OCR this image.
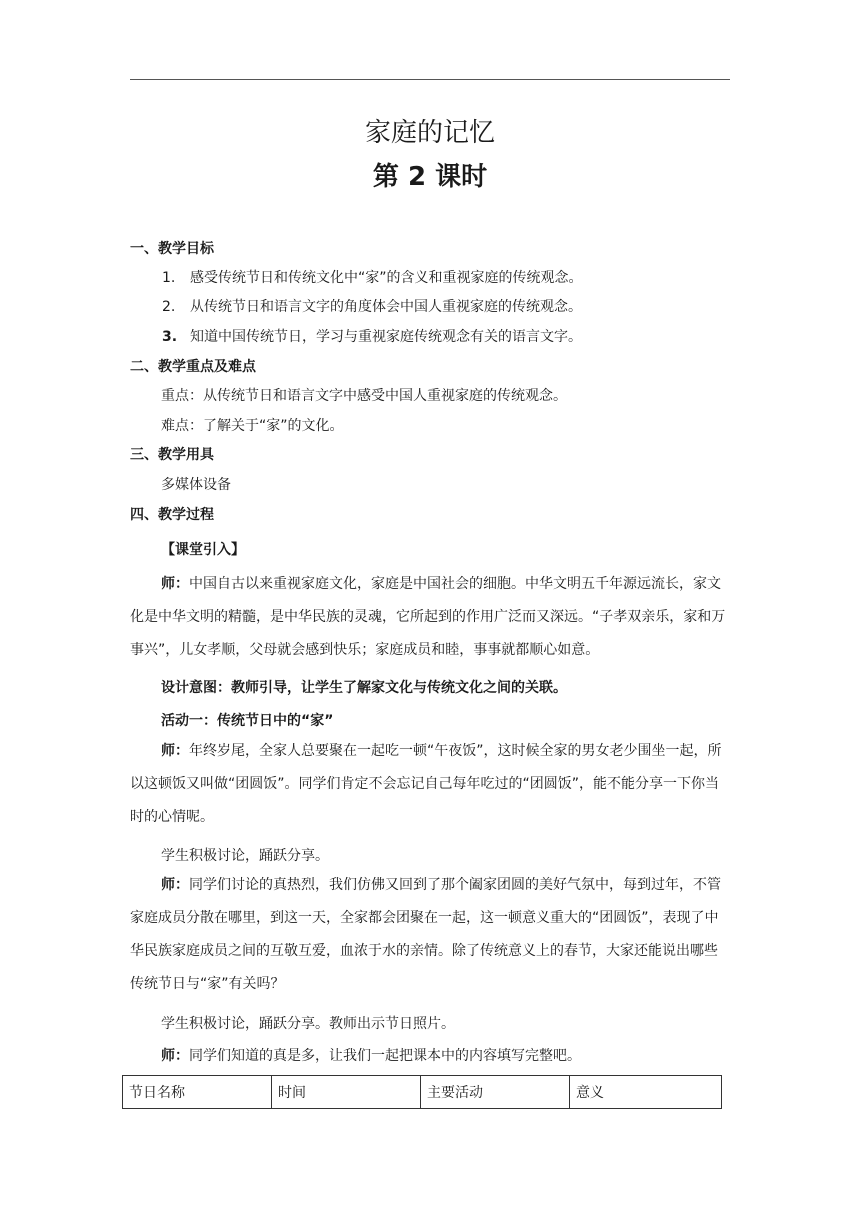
家庭的记忆
第 2 课时
一、教学目标
1. 感受传统节日和传统文化中“家”的含义和重视家庭的传统观念。
2. 从传统节日和语言文字的角度体会中国人重视家庭的传统观念。
3. 知道中国传统节日，学习与重视家庭传统观念有关的语言文字。
二、教学重点及难点
重点：从传统节日和语言文字中感受中国人重视家庭的传统观念。
难点：了解关于“家”的文化。
三、教学用具
多媒体设备
四、教学过程
【课堂引入】
师：中国自古以来重视家庭文化，家庭是中国社会的细胞。中华文明五千年源远流长，家文化是中华文明的精髓，是中华民族的灵魂，它所起到的作用广泛而又深远。“子孝双亲乐，家和万事兴”，儿女孝顺，父母就会感到快乐；家庭成员和睦，事事就都顺心如意。
设计意图：教师引导，让学生了解家文化与传统文化之间的关联。
活动一：传统节日中的“家”
师：年终岁尾，全家人总要聚在一起吃一顿“午夜饭”，这时候全家的男女老少围坐一起，所以这顿饭又叫做“团圆饭”。同学们肯定不会忘记自己每年吃过的“团圆饭”，能不能分享一下你当时的心情呢。
学生积极讨论，踊跃分享。
师：同学们讨论的真热烈，我们仿佛又回到了那个阖家团圆的美好气氛中，每到过年，不管家庭成员分散在哪里，到这一天，全家都会团聚在一起，这一顿意义重大的“团圆饭”，表现了中华民族家庭成员之间的互敬互爱，血浓于水的亲情。除了传统意义上的春节，大家还能说出哪些传统节日与“家”有关吗？
学生积极讨论，踊跃分享。教师出示节日照片。
师：同学们知道的真是多，让我们一起把课本中的内容填写完整吧。
节日名称	时间	主要活动	意义
